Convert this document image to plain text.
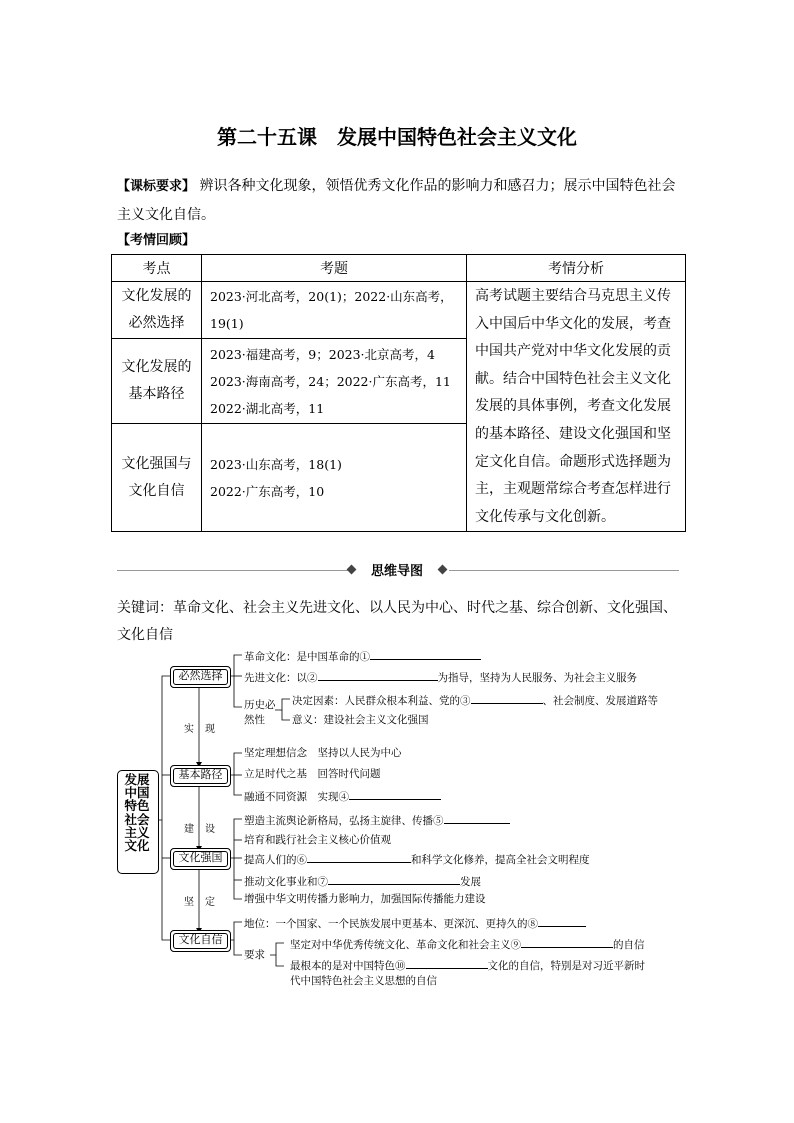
第二十五课　发展中国特色社会主义文化
【课标要求】 辨识各种文化现象，领悟优秀文化作品的影响力和感召力；展示中国特色社会主义文化自信。
【考情回顾】
考点	考题	考情分析

文化发展的必然选择	2023·河北高考，20(1)；2022·山东高考，
19(1)	高考试题主要结合马克思主义传入中国后中华文化的发展，考查中国共产党对中华文化发展的贡献。结合中国特色社会主义文化发展的具体事例，考查文化发展的基本路径、建设文化强国和坚定文化自信。命题形式选择题为主，主观题常综合考查怎样进行文化传承与文化创新。

文化发展的基本路径	2023·福建高考，9；2023·北京高考，4
2023·海南高考，24；2022·广东高考，11
2022·湖北高考，11	

文化强国与文化自信	2023·山东高考，18(1)
2022·广东高考，10	
思维导图
关键词：革命文化、社会主义先进文化、以人民为中心、时代之基、综合创新、文化强国、文化自信
发展中国特色社会主义文化
必然选择
基本路径
文化强国
文化自信
实 现
建 设
坚 定
革命文化：是中国革命的①
先进文化：以②	为指导，坚持为人民服务、为社会主义服务
历史必
然性
决定因素：人民群众根本利益、党的③	、社会制度、发展道路等
意义：建设社会主义文化强国
坚定理想信念　坚持以人民为中心
立足时代之基　回答时代问题
融通不同资源　实现④
塑造主流舆论新格局，弘扬主旋律、传播⑤
培育和践行社会主义核心价值观
提高人们的⑥	和科学文化修养，提高全社会文明程度
推动文化事业和⑦	发展
增强中华文明传播力影响力，加强国际传播能力建设
地位：一个国家、一个民族发展中更基本、更深沉、更持久的⑧
要求
坚定对中华优秀传统文化、革命文化和社会主义⑨	的自信
最根本的是对中国特色⑩	文化的自信，特别是对习近平新时
代中国特色社会主义思想的自信
